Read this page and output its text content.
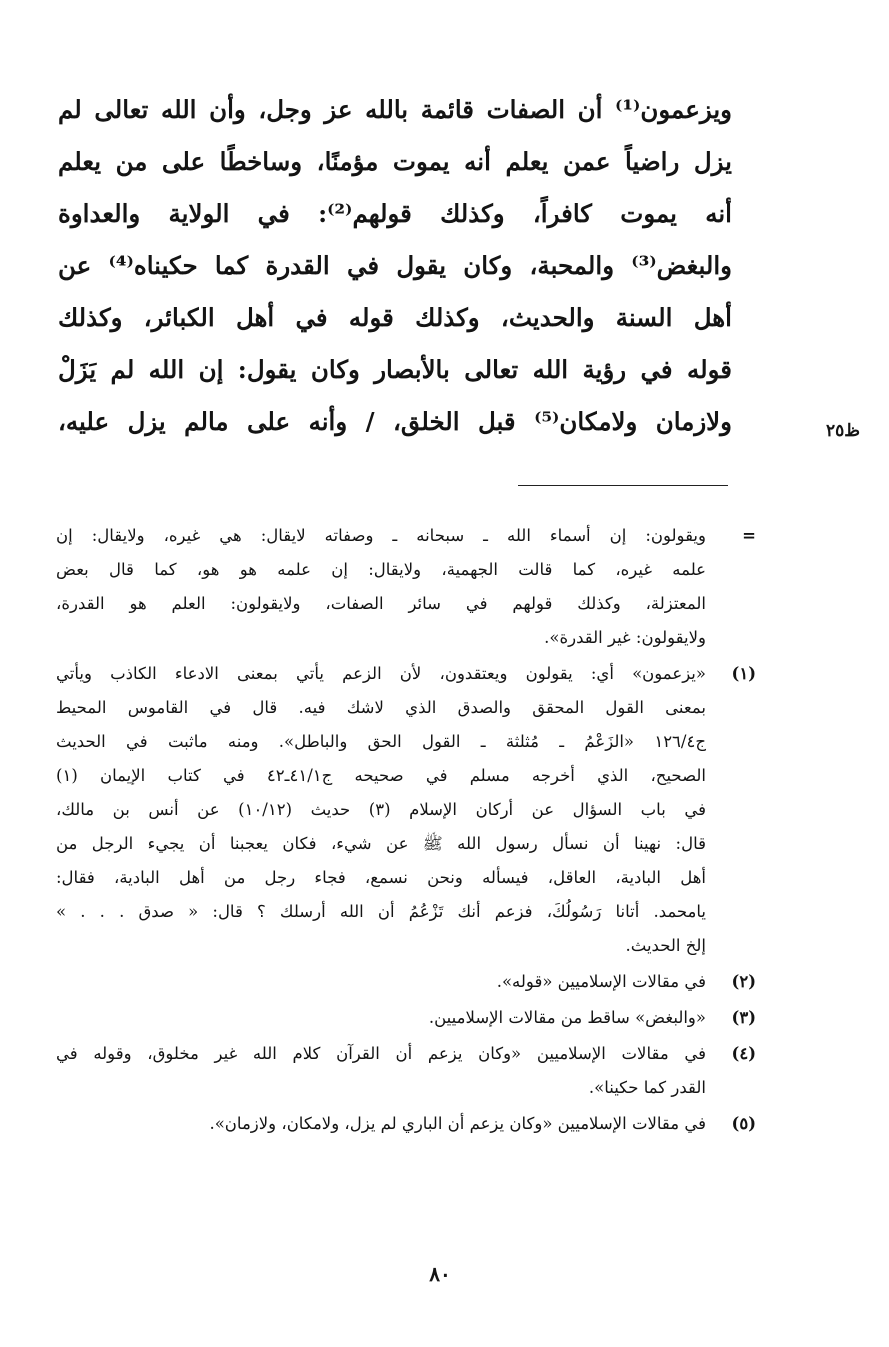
ويزعمون⁽¹⁾ أن الصفات قائمة بالله عز وجل، وأن الله تعالى لم
يزل راضياً عمن يعلم أنه يموت مؤمنًا، وساخطًا على من يعلم
أنه يموت كافراً، وكذلك قولهم⁽²⁾: في الولاية والعداوة
والبغض⁽³⁾ والمحبة، وكان يقول في القدرة كما حكيناه⁽⁴⁾ عن
أهل السنة والحديث، وكذلك قوله في أهل الكبائر، وكذلك
قوله في رؤية الله تعالى بالأبصار وكان يقول: إن الله لم يَزَلْ
ولازمان ولامكان⁽⁵⁾ قبل الخلق، / وأنه على مالم يزل عليه،	ظ٢٥
=
ويقولون: إن أسماء الله ـ سبحانه ـ وصفاته لايقال: هي غيره، ولايقال: إن
علمه غيره، كما قالت الجهمية، ولايقال: إن علمه هو هو، كما قال بعض
المعتزلة، وكذلك قولهم في سائر الصفات، ولايقولون: العلم هو القدرة،
ولايقولون: غير القدرة».
(١)
«يزعمون» أي: يقولون ويعتقدون، لأن الزعم يأتي بمعنى الادعاء الكاذب ويأتي
بمعنى القول المحقق والصدق الذي لاشك فيه. قال في القاموس المحيط
ج١٢٦/٤ «الزَعْمُ ـ مُثلثة ـ القول الحق والباطل». ومنه ماثبت في الحديث
الصحيح، الذي أخرجه مسلم في صحيحه ج٤١/١ـ٤٢ في كتاب الإيمان (١)
في باب السؤال عن أركان الإسلام (٣) حديث (١٠/١٢) عن أنس بن مالك،
قال: نهينا أن نسأل رسول الله ﷺ عن شيء، فكان يعجبنا أن يجيء الرجل من
أهل البادية، العاقل، فيسأله ونحن نسمع، فجاء رجل من أهل البادية، فقال:
يامحمد. أتانا رَسُولُكَ، فزعم أنك تَزْعُمُ أن الله أرسلك ؟ قال: « صدق . . . »
إلخ الحديث.
(٢)
في مقالات الإسلاميين «قوله».
(٣)
«والبغض» ساقط من مقالات الإسلاميين.
(٤)
في مقالات الإسلاميين «وكان يزعم أن القرآن كلام الله غير مخلوق، وقوله في
القدر كما حكينا».
(٥)
في مقالات الإسلاميين «وكان يزعم أن الباري لم يزل، ولامكان، ولازمان».
٨٠
